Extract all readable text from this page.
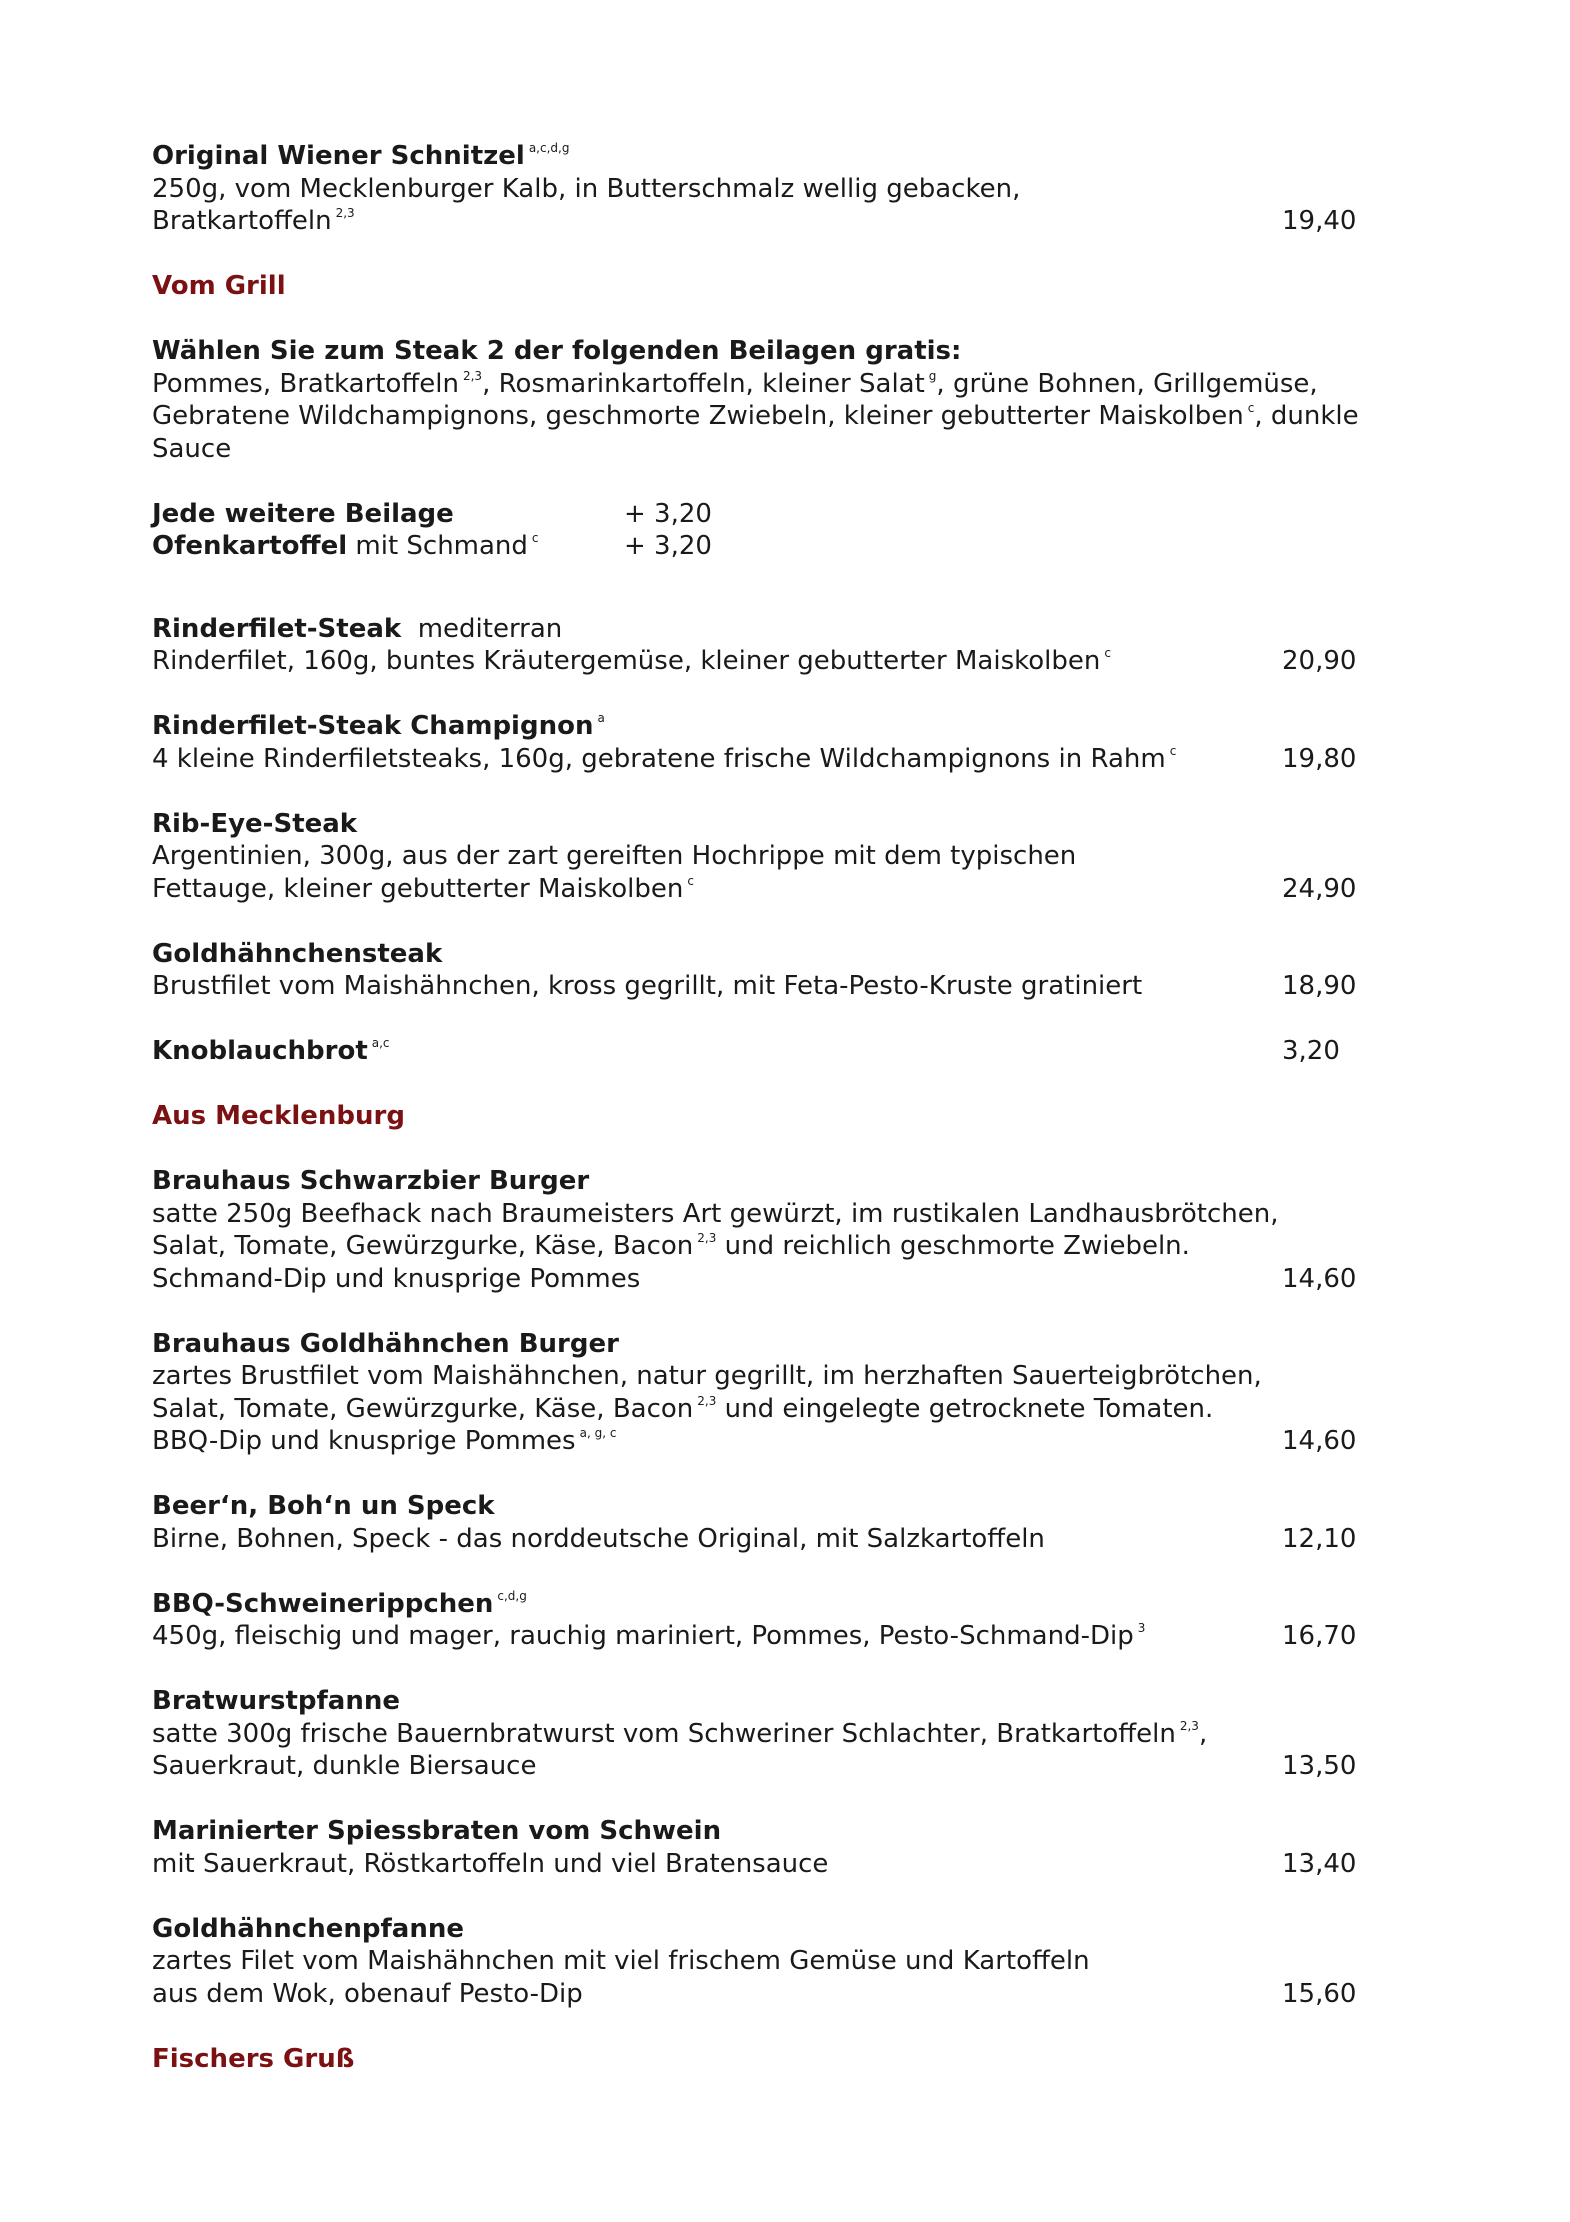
Original Wiener Schnitzel $^{a,c,d,g}$
250g, vom Mecklenburger Kalb, in Butterschmalz wellig gebacken,
Bratkartoffeln $^{2,3}$	19,40
Vom Grill
Wählen Sie zum Steak 2 der folgenden Beilagen gratis:
Pommes, Bratkartoffeln $^{2,3}$, Rosmarinkartoffeln, kleiner Salat $^g$, grüne Bohnen, Grillgemüse,
Gebratene Wildchampignons, geschmorte Zwiebeln, kleiner gebutterter Maiskolben $^c$, dunkle
Sauce
Jede weitere Beilage	+ 3,20
Ofenkartoffel mit Schmand $^c$	+ 3,20
Rinderfilet-Steak  mediterran
Rinderfilet, 160g, buntes Kräutergemüse, kleiner gebutterter Maiskolben $^c$	20,90
Rinderfilet-Steak Champignon $^a$
4 kleine Rinderfiletsteaks, 160g, gebratene frische Wildchampignons in Rahm $^c$	19,80
Rib-Eye-Steak
Argentinien, 300g, aus der zart gereiften Hochrippe mit dem typischen
Fettauge, kleiner gebutterter Maiskolben $^c$	24,90
Goldhähnchensteak
Brustfilet vom Maishähnchen, kross gegrillt, mit Feta-Pesto-Kruste gratiniert	18,90
Knoblauchbrot $^{a,c}$	3,20
Aus Mecklenburg
Brauhaus Schwarzbier Burger
satte 250g Beefhack nach Braumeisters Art gewürzt, im rustikalen Landhausbrötchen,
Salat, Tomate, Gewürzgurke, Käse, Bacon $^{2,3}$ und reichlich geschmorte Zwiebeln.
Schmand-Dip und knusprige Pommes	14,60
Brauhaus Goldhähnchen Burger
zartes Brustfilet vom Maishähnchen, natur gegrillt, im herzhaften Sauerteigbrötchen,
Salat, Tomate, Gewürzgurke, Käse, Bacon $^{2,3}$ und eingelegte getrocknete Tomaten.
BBQ-Dip und knusprige Pommes $^{a, g, c}$	14,60
Beer‘n, Boh‘n un Speck
Birne, Bohnen, Speck - das norddeutsche Original, mit Salzkartoffeln	12,10
BBQ-Schweinerippchen $^{c,d,g}$
450g, fleischig und mager, rauchig mariniert, Pommes, Pesto-Schmand-Dip $^3$	16,70
Bratwurstpfanne
satte 300g frische Bauernbratwurst vom Schweriner Schlachter, Bratkartoffeln $^{2,3}$,
Sauerkraut, dunkle Biersauce	13,50
Marinierter Spiessbraten vom Schwein
mit Sauerkraut, Röstkartoffeln und viel Bratensauce	13,40
Goldhähnchenpfanne
zartes Filet vom Maishähnchen mit viel frischem Gemüse und Kartoffeln
aus dem Wok, obenauf Pesto-Dip	15,60
Fischers Gruß
